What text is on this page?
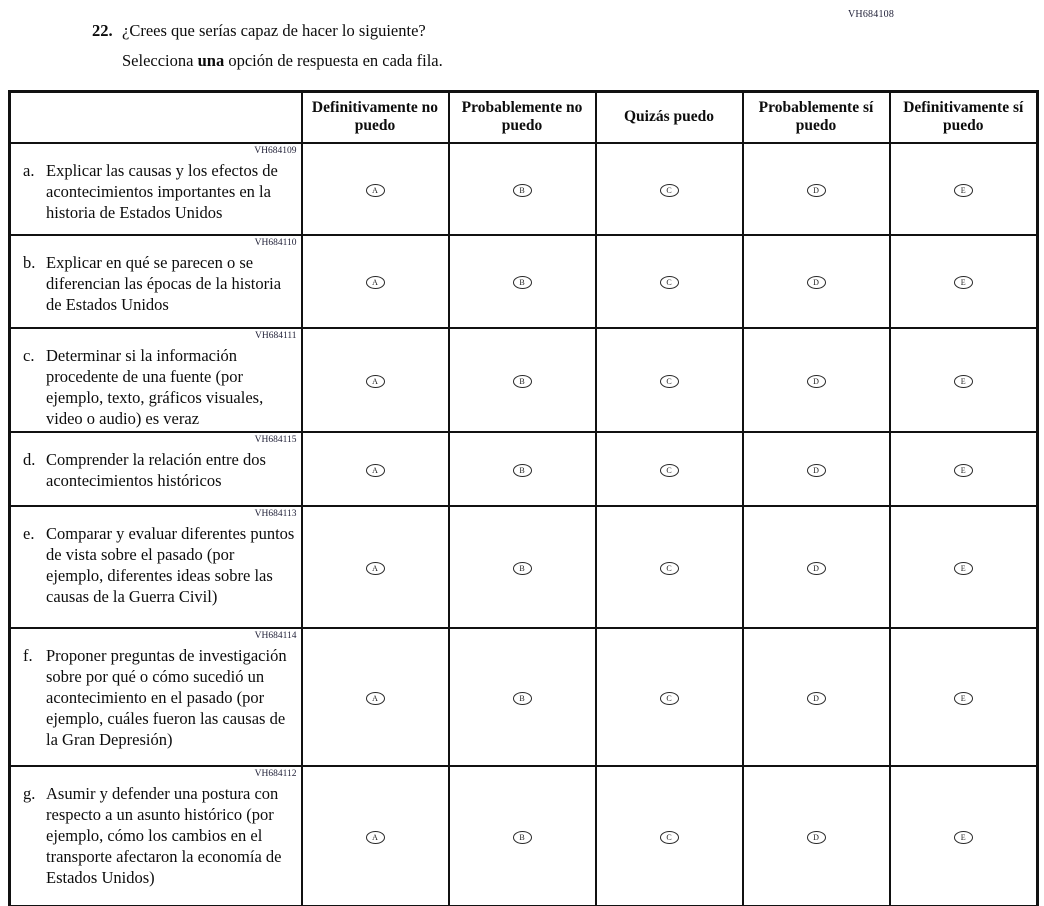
VH684108
22. ¿Crees que serías capaz de hacer lo siguiente?
Selecciona una opción de respuesta en cada fila.
	Definitivamente no puedo	Probablemente no puedo	Quizás puedo	Probablemente sí puedo	Definitivamente sí puedo

VH684109
a. Explicar las causas y los efectos de acontecimientos importantes en la historia de Estados Unidos	A	B	C	D	E

VH684110
b. Explicar en qué se parecen o se diferencian las épocas de la historia de Estados Unidos	A	B	C	D	E

VH684111
c. Determinar si la información procedente de una fuente (por ejemplo, texto, gráficos visuales, video o audio) es veraz	A	B	C	D	E

VH684115
d. Comprender la relación entre dos acontecimientos históricos	A	B	C	D	E

VH684113
e. Comparar y evaluar diferentes puntos de vista sobre el pasado (por ejemplo, diferentes ideas sobre las causas de la Guerra Civil)	A	B	C	D	E

VH684114
f. Proponer preguntas de investigación sobre por qué o cómo sucedió un acontecimiento en el pasado (por ejemplo, cuáles fueron las causas de la Gran Depresión)	A	B	C	D	E

VH684112
g. Asumir y defender una postura con respecto a un asunto histórico (por ejemplo, cómo los cambios en el transporte afectaron la economía de Estados Unidos)	A	B	C	D	E
